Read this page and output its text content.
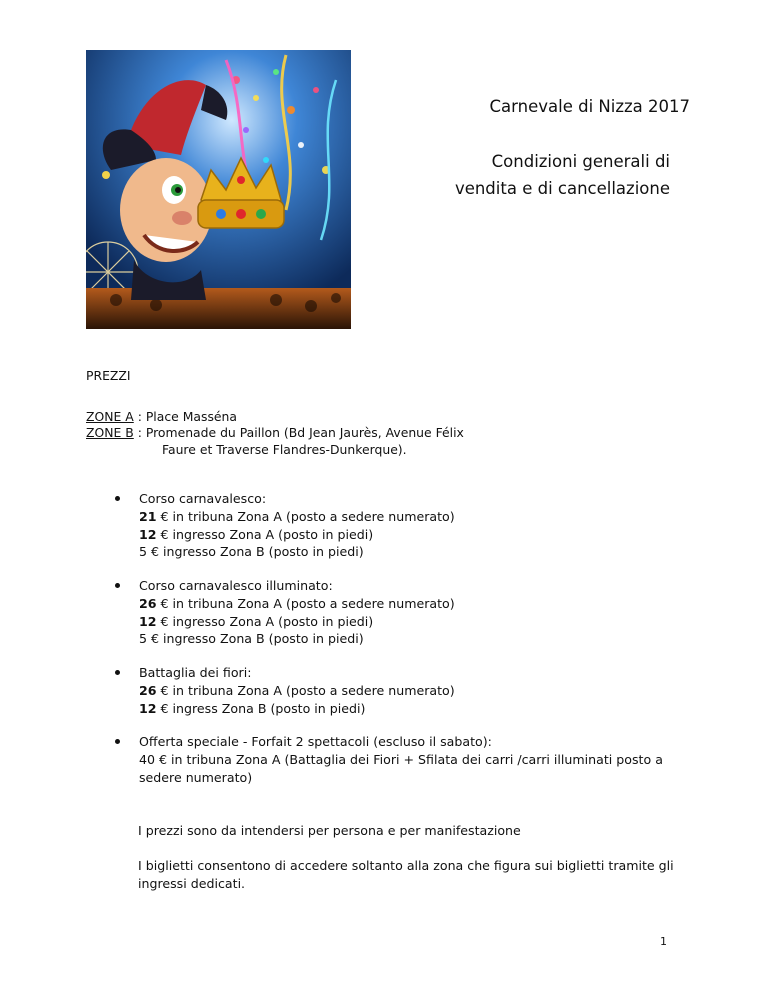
Carnevale di Nizza 2017
Condizioni generali di
vendita e di cancellazione
PREZZI
ZONE A : Place Masséna
ZONE B : Promenade du Paillon (Bd Jean Jaurès, Avenue Félix
Faure et Traverse Flandres-Dunkerque).
Corso carnavalesco:
21 € in tribuna Zona A (posto a sedere numerato)
12 € ingresso Zona A (posto in piedi)
5 € ingresso Zona B (posto in piedi)
Corso carnavalesco illuminato:
26 € in tribuna Zona A (posto a sedere numerato)
12 € ingresso Zona A (posto in piedi)
5 € ingresso Zona B (posto in piedi)
Battaglia dei fiori:
26 € in tribuna Zona A (posto a sedere numerato)
12 € ingress Zona B (posto in piedi)
Offerta speciale - Forfait 2 spettacoli (escluso il sabato):
40 € in tribuna Zona A (Battaglia dei Fiori + Sfilata dei carri /carri illuminati posto a
sedere numerato)
I prezzi sono da intendersi per persona e per manifestazione
I biglietti consentono di accedere soltanto alla zona che figura sui biglietti tramite gli
ingressi dedicati.
1
